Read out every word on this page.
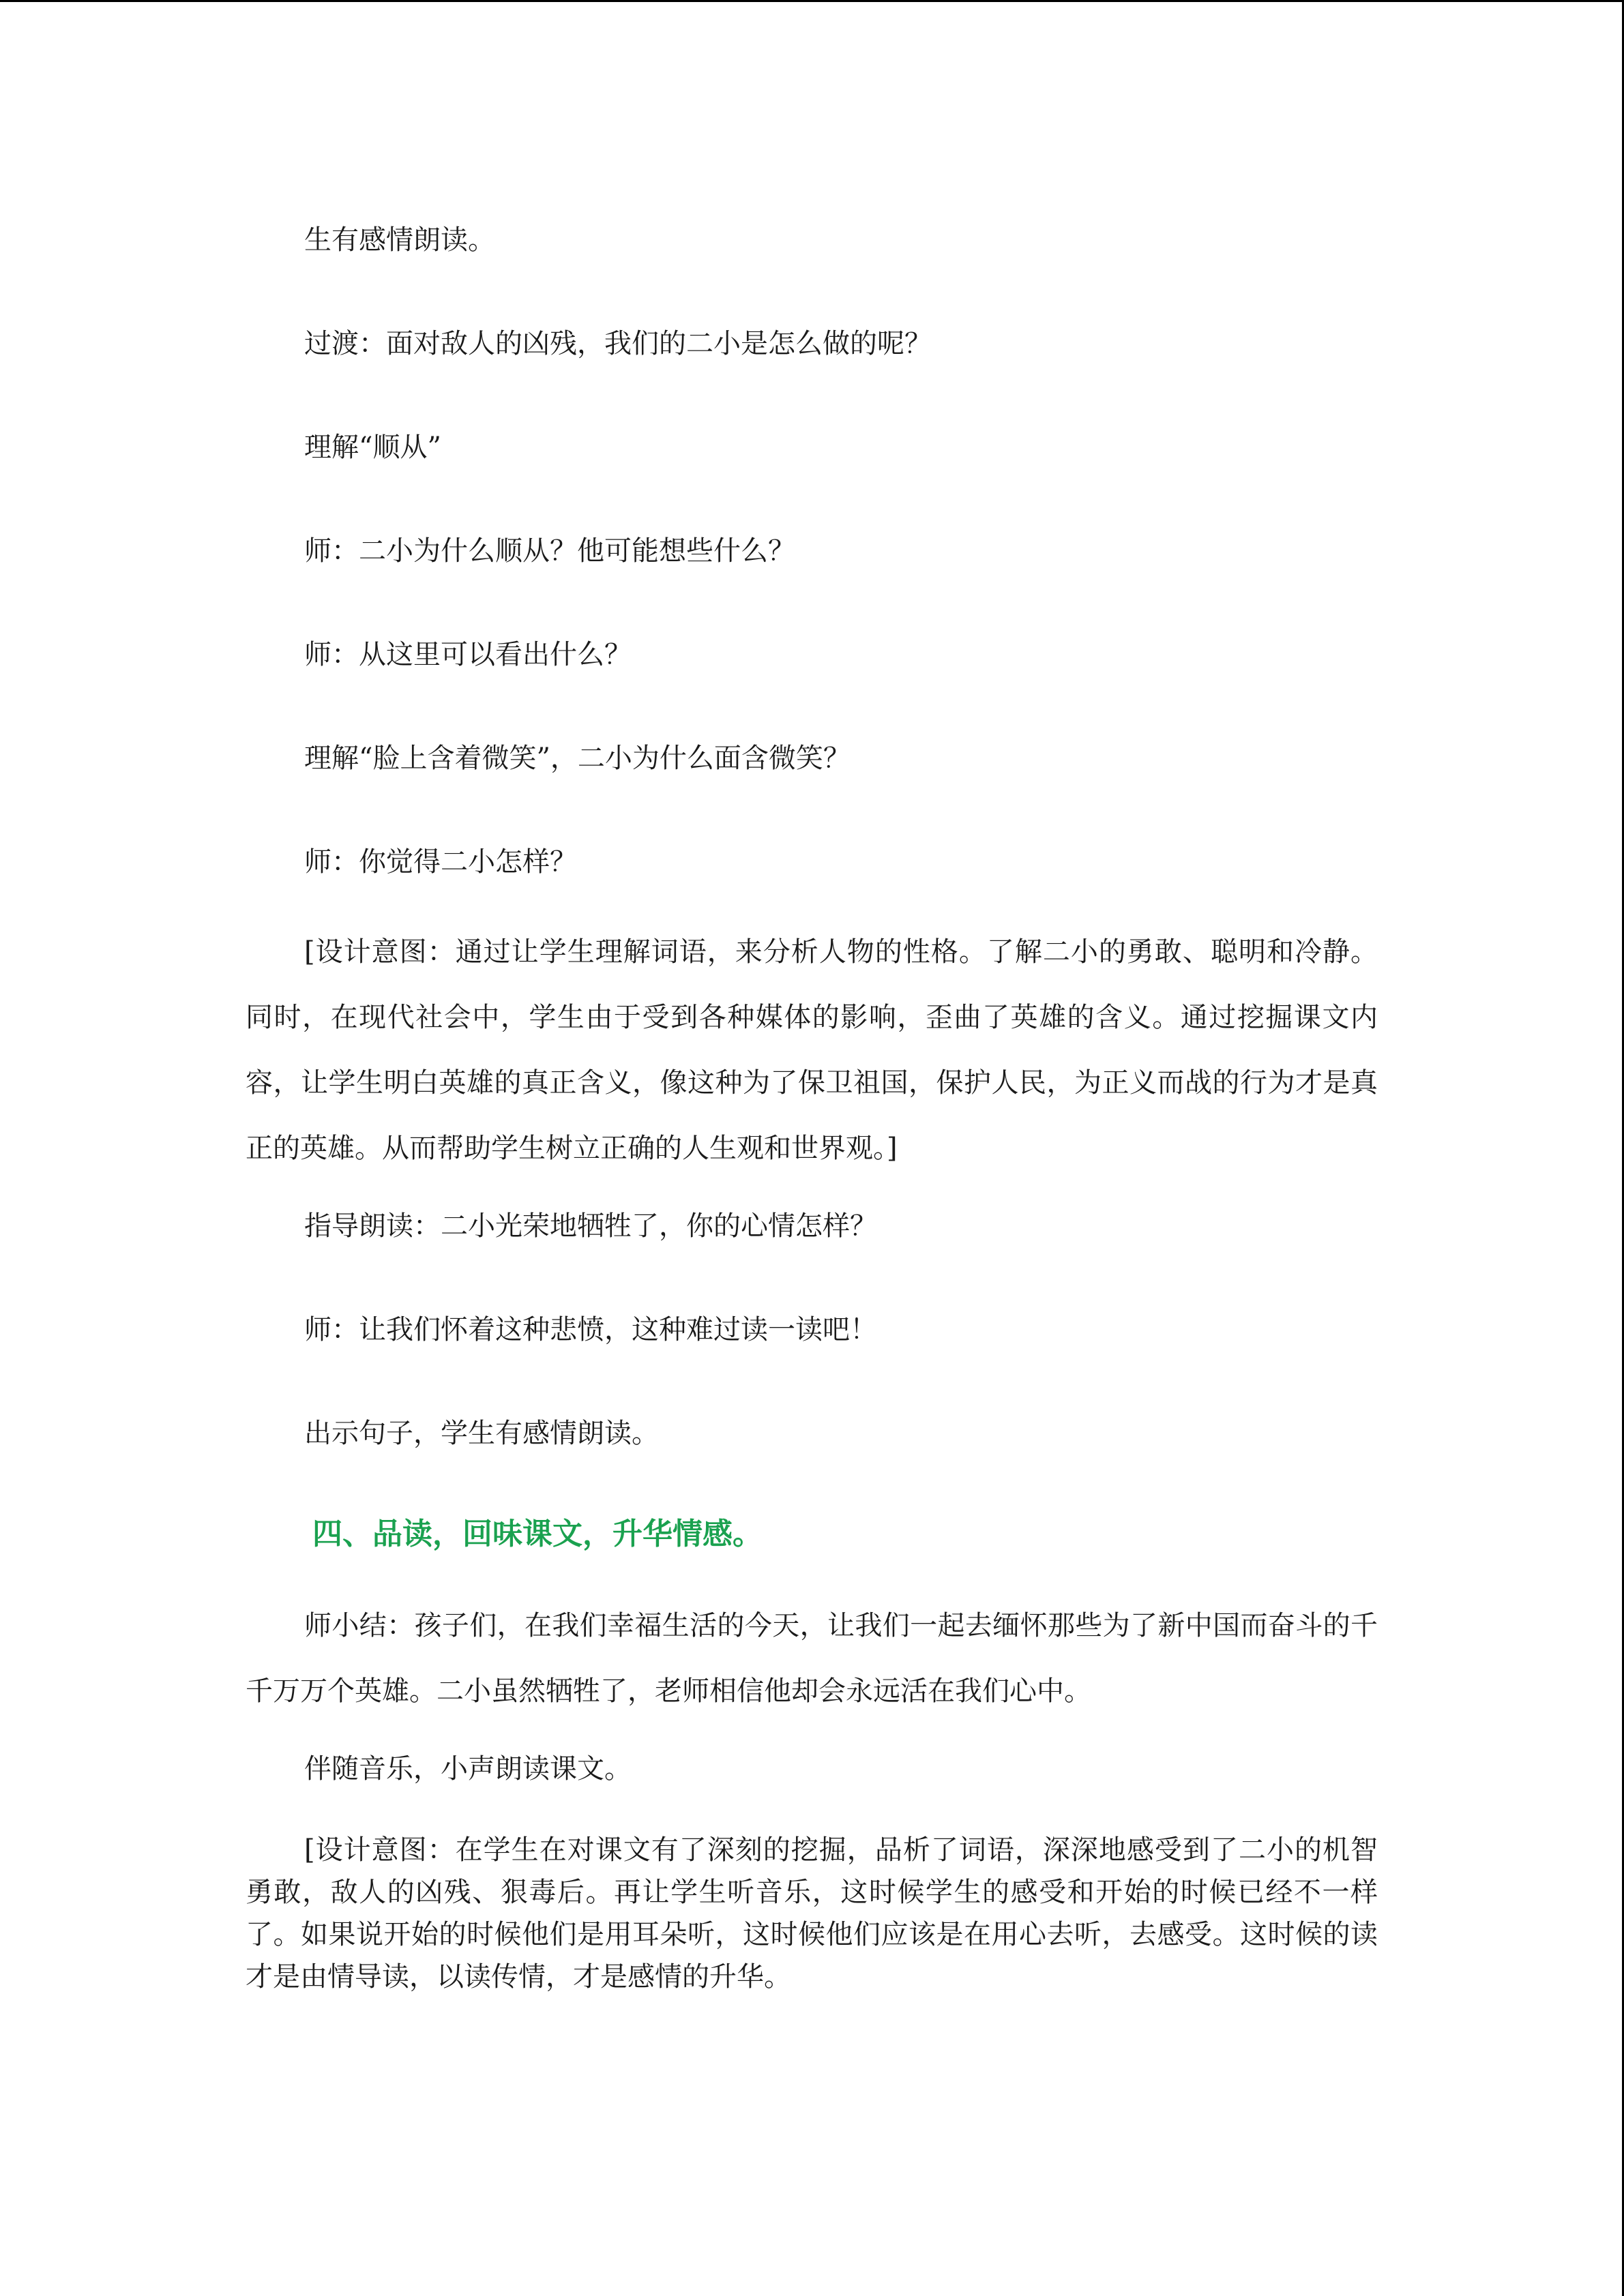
生有感情朗读。

过渡：面对敌人的凶残，我们的二小是怎么做的呢？

理解“顺从”

师：二小为什么顺从？他可能想些什么？

师：从这里可以看出什么？

理解“脸上含着微笑”，二小为什么面含微笑？

师：你觉得二小怎样？

[设计意图：通过让学生理解词语，来分析人物的性格。了解二小的勇敢、聪明和冷静。同时，在现代社会中，学生由于受到各种媒体的影响，歪曲了英雄的含义。通过挖掘课文内容，让学生明白英雄的真正含义，像这种为了保卫祖国，保护人民，为正义而战的行为才是真正的英雄。从而帮助学生树立正确的人生观和世界观。]

指导朗读：二小光荣地牺牲了，你的心情怎样？

师：让我们怀着这种悲愤，这种难过读一读吧！

出示句子，学生有感情朗读。

四、品读，回味课文，升华情感。

师小结：孩子们，在我们幸福生活的今天，让我们一起去缅怀那些为了新中国而奋斗的千千万万个英雄。二小虽然牺牲了，老师相信他却会永远活在我们心中。

伴随音乐，小声朗读课文。

[设计意图：在学生在对课文有了深刻的挖掘，品析了词语，深深地感受到了二小的机智勇敢，敌人的凶残、狠毒后。再让学生听音乐，这时候学生的感受和开始的时候已经不一样了。如果说开始的时候他们是用耳朵听，这时候他们应该是在用心去听，去感受。这时候的读才是由情导读，以读传情，才是感情的升华。
